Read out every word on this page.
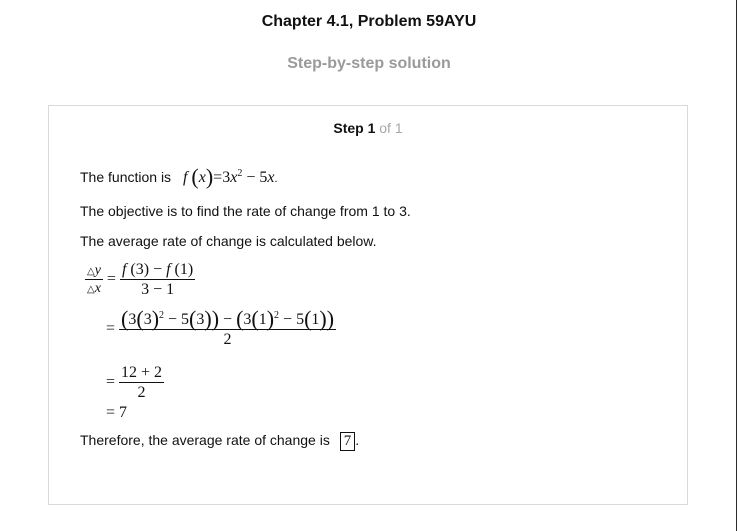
Chapter 4.1, Problem 59AYU
Step-by-step solution
Step 1 of 1
The function is f $(x)=3x^2 - 5x$.
The objective is to find the rate of change from 1 to 3.
The average rate of change is calculated below.
$\frac{\triangle y}{\triangle x} = \frac{f (3) - f (1)}{3 - 1}$
= $\frac{(3(3)^2 - 5(3)) - (3(1)^2 - 5(1))}{2}$
= $\frac{12 + 2}{2}$
= 7
Therefore, the average rate of change is 7 .
